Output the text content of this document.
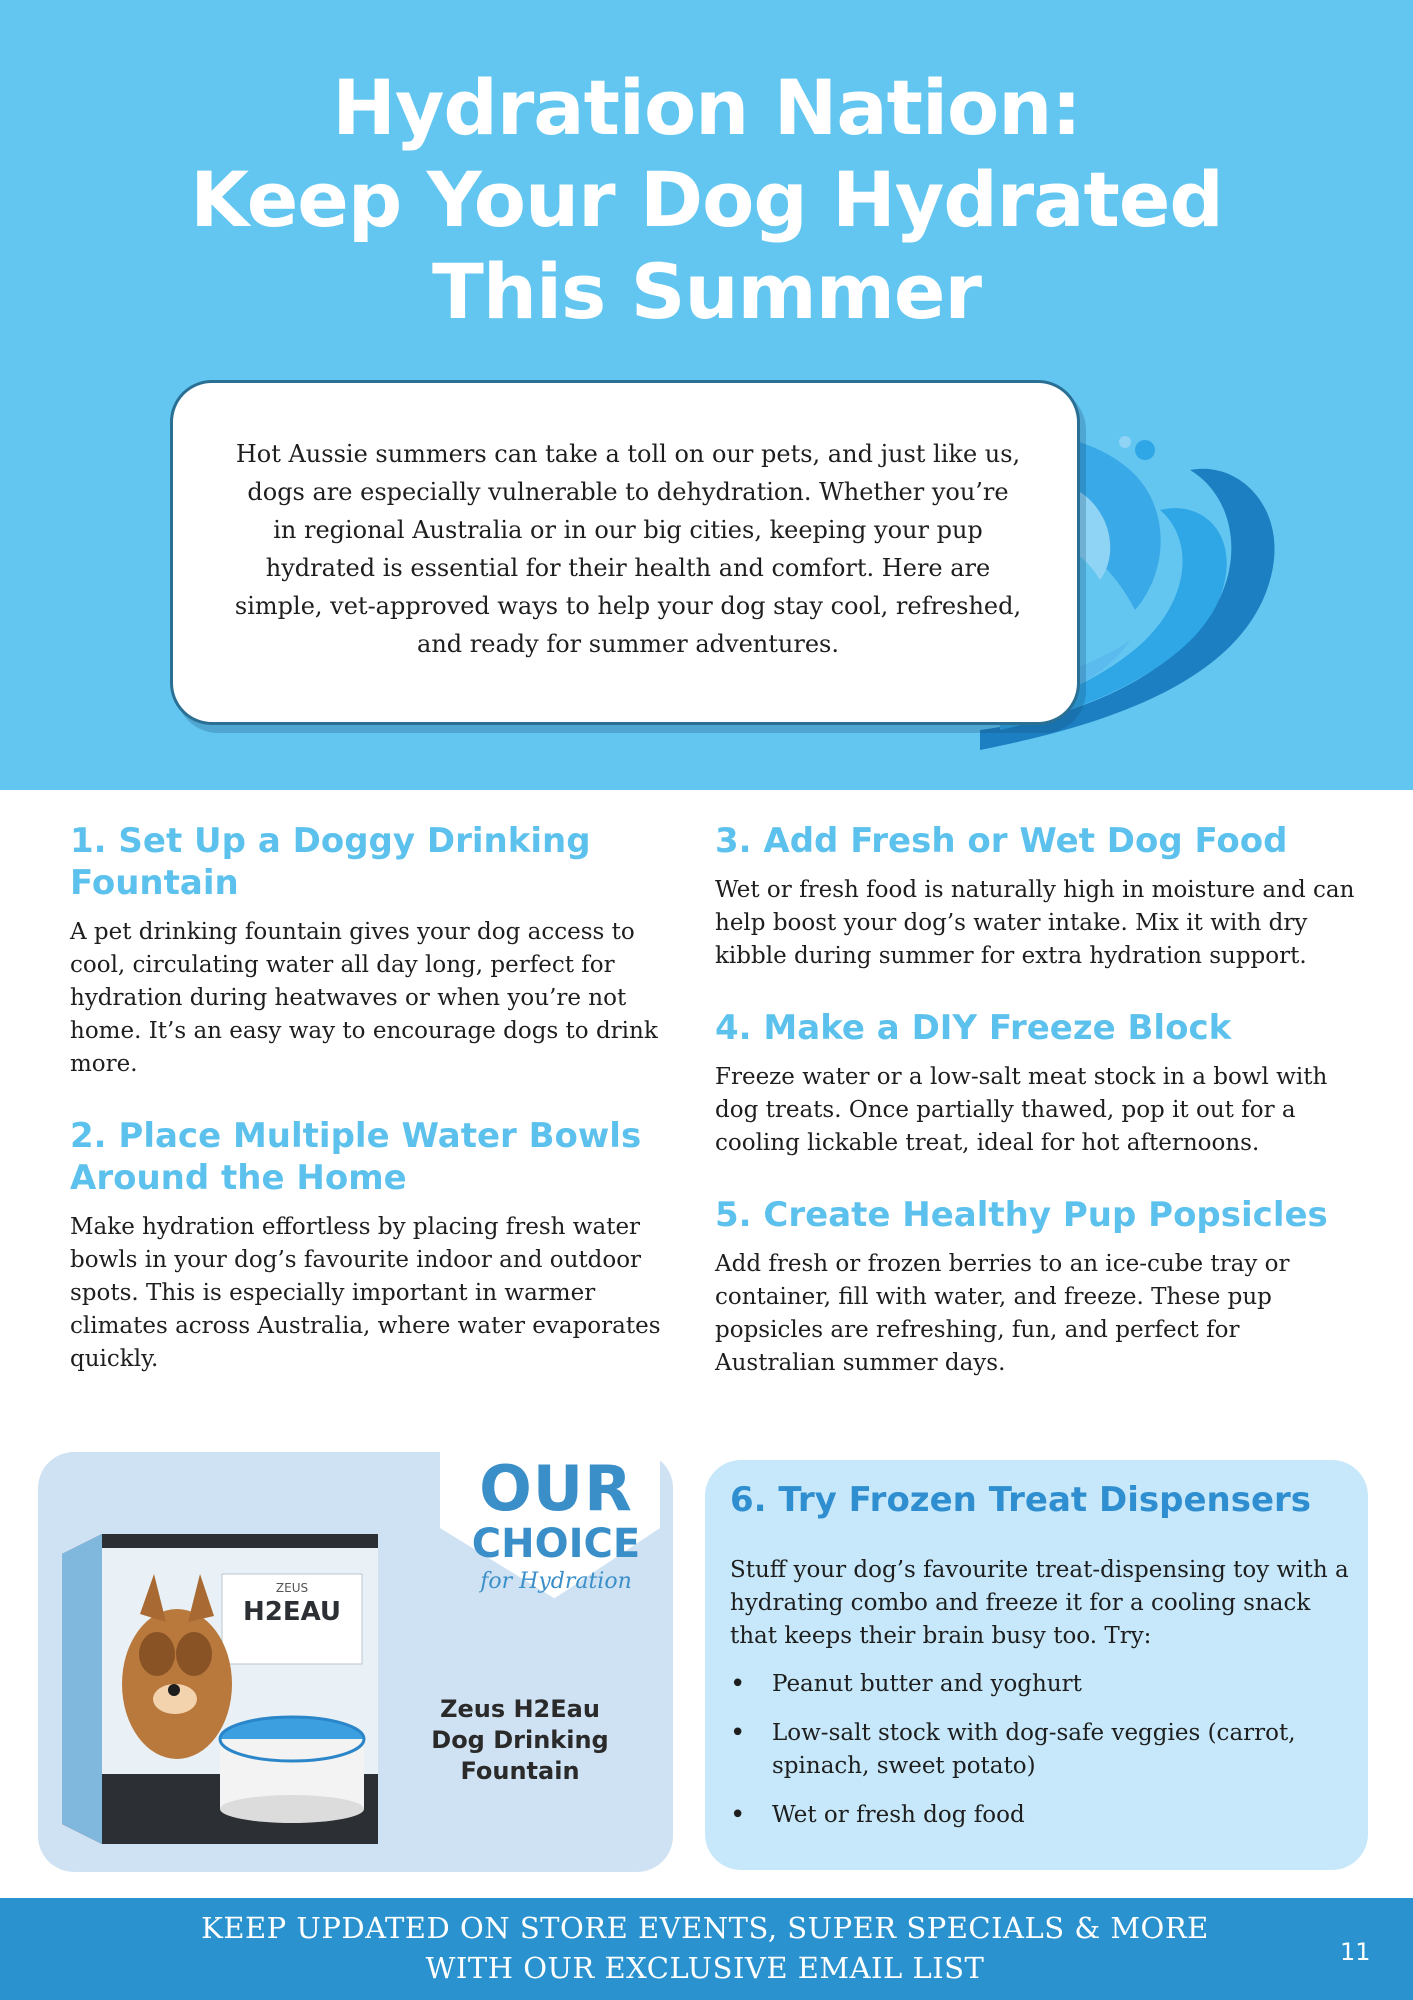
Hydration Nation:
Keep Your Dog Hydrated
This Summer

Hot Aussie summers can take a toll on our pets, and just like us, dogs are especially vulnerable to dehydration. Whether you’re in regional Australia or in our big cities, keeping your pup hydrated is essential for their health and comfort. Here are simple, vet-approved ways to help your dog stay cool, refreshed, and ready for summer adventures.

1. Set Up a Doggy Drinking Fountain

A pet drinking fountain gives your dog access to cool, circulating water all day long, perfect for hydration during heatwaves or when you’re not home. It’s an easy way to encourage dogs to drink more.

2. Place Multiple Water Bowls Around the Home

Make hydration effortless by placing fresh water bowls in your dog’s favourite indoor and outdoor spots. This is especially important in warmer climates across Australia, where water evaporates quickly.

3. Add Fresh or Wet Dog Food

Wet or fresh food is naturally high in moisture and can help boost your dog’s water intake. Mix it with dry kibble during summer for extra hydration support.

4. Make a DIY Freeze Block

Freeze water or a low-salt meat stock in a bowl with dog treats. Once partially thawed, pop it out for a cooling lickable treat, ideal for hot afternoons.

5. Create Healthy Pup Popsicles

Add fresh or frozen berries to an ice-cube tray or container, fill with water, and freeze. These pup popsicles are refreshing, fun, and perfect for Australian summer days.

OUR

CHOICE

for Hydration

ZEUS
H2EAU

Zeus H2Eau
Dog Drinking Fountain

6. Try Frozen Treat Dispensers

Stuff your dog’s favourite treat-dispensing toy with a hydrating combo and freeze it for a cooling snack that keeps their brain busy too. Try:

• Peanut butter and yoghurt
• Low-salt stock with dog-safe veggies (carrot, spinach, sweet potato)
• Wet or fresh dog food

KEEP UPDATED ON STORE EVENTS, SUPER SPECIALS & MORE
WITH OUR EXCLUSIVE EMAIL LIST	11
